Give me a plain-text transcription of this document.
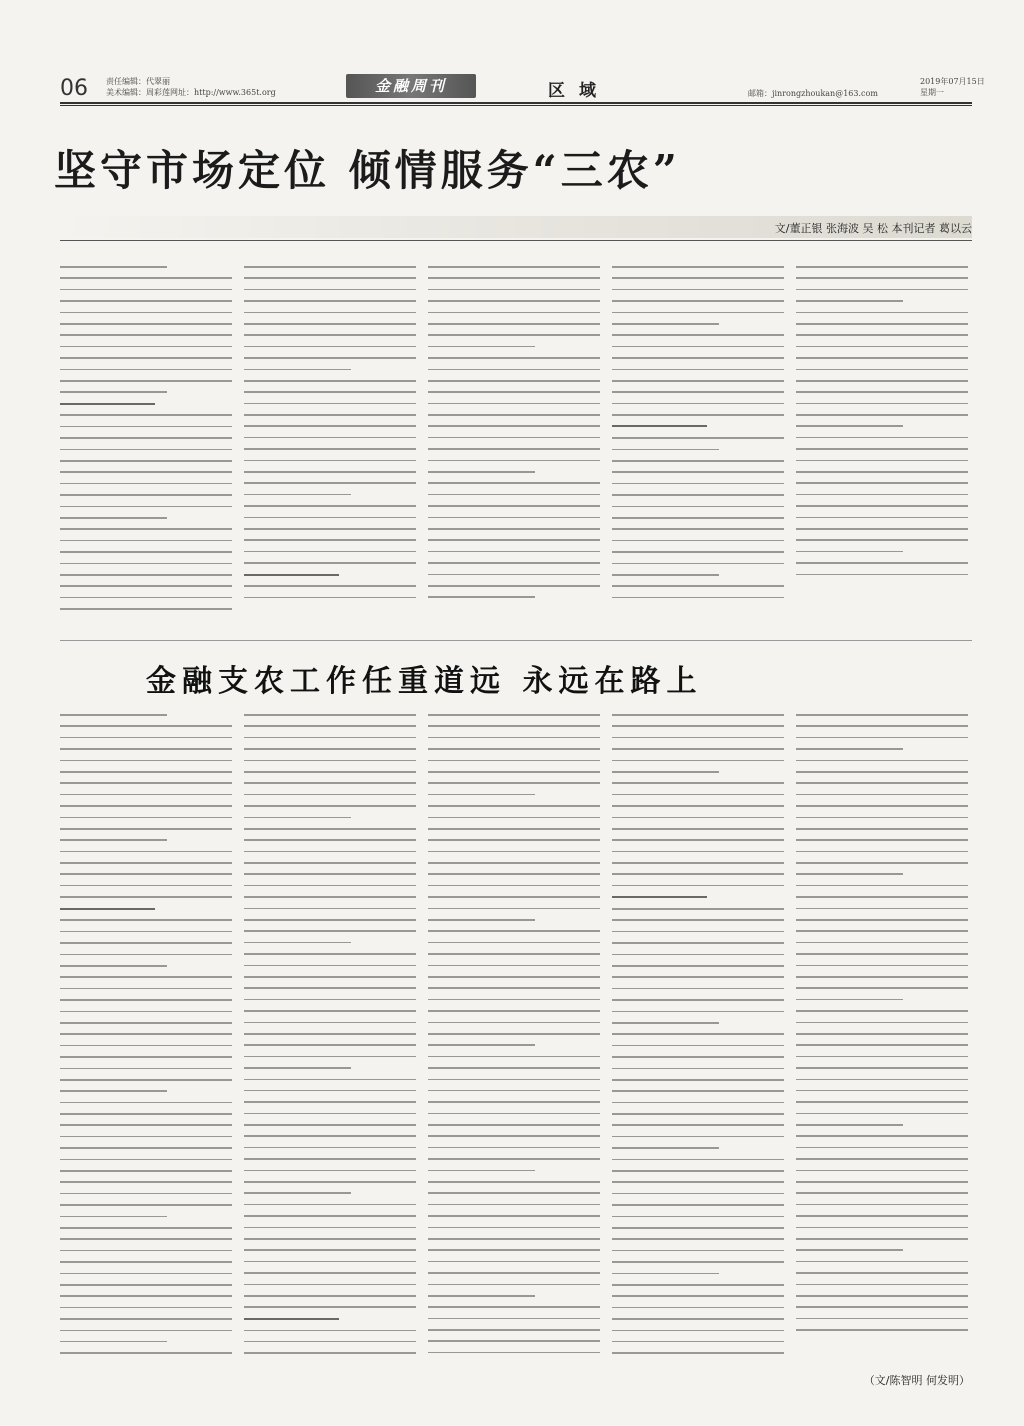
06 责任编辑：代翠丽
美术编辑：周彩莲 网址：http://www.365t.org	金融周刊	区域	邮箱：jinrongzhoukan@163.com
2019年07月15日
星期一
坚守市场定位 倾情服务“三农”
文/董正银 张海波 吴 松 本刊记者 葛以云
金融支农工作任重道远 永远在路上
（文/陈智明 何发明）
